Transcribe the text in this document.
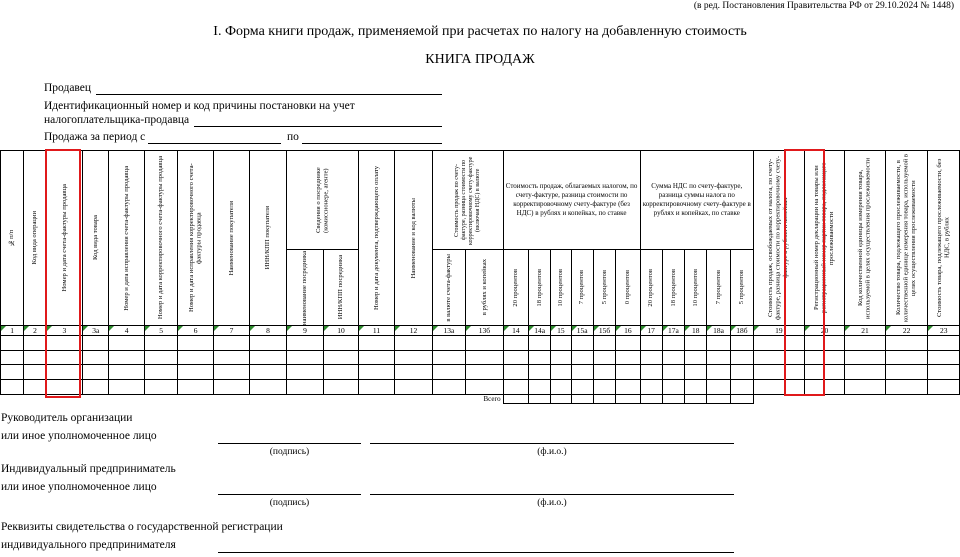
(в ред. Постановления Правительства РФ от 29.10.2024 № 1448)
I. Форма книги продаж, применяемой при расчетах по налогу на добавленную стоимость
КНИГА ПРОДАЖ
Продавец
Идентификационный номер и код причины постановки на учет
налогоплательщика-продавца
Продажа за период с	по
№п/п	Код вида операции	Номер и дата счета-фактуры продавца	Код вида товара	Номер и дата исправления счета-фактуры продавца	Номер и дата корректировочного счета-фактуры продавца	Номер и дата исправления корректировочного счета-фактуры продавца	Наименование покупателя	ИНН/КПП покупателя	Сведения о посреднике (комиссионере, агенте)		Номер и дата документа, подтверждающего оплату	Наименование и код валюты	Стоимость продаж по счету-фактуре, разница стоимости по корректировочному счету-фактуре (включая НДС) в валюте		Стоимость продаж, облагаемых налогом, по счету-фактуре, разница стоимости по корректировочному счету-фактуре (без НДС) в рублях и копейках, по ставке						Сумма НДС по счету-фактуре, разница суммы налога по корректировочному счету-фактуре в рублях и копейках, по ставке					Стоимость продаж, освобождаемых от налога, по счету-фактуре, разница стоимости по корректировочному счету-фактуре в рублях и копейках	Регистрационный номер декларации на товары или регистрационный номер партии товара, подлежащего прослеживаемости	Код количественной единицы измерения товара, используемой в целях осуществления прослеживаемости	Количество товара, подлежащего прослеживаемости, в количественной единице измерения товара, используемой в целях осуществления прослеживаемости	Стоимость товара, подлежащего прослеживаемости, без НДС, в рублях

									наименование посредника	ИНН/КПП посредника			в валюте счета-фактуры	в рублях и копейках	20 процентов	18 процентов	10 процентов	7 процентов	5 процентов	0 процентов	20 процентов	18 процентов	10 процентов	7 процентов	5 процентов					

1	2	3	3а	4	5	6	7	8	9	10	11	12	13а	13б	14	14а	15	15а	15б	16	17	17а	18	18а	18б	19	20	21	22	23

Всего																														
Руководитель организации
или иное уполномоченное лицо
(подпись)	(ф.и.о.)
Индивидуальный предприниматель
или иное уполномоченное лицо
(подпись)	(ф.и.о.)
Реквизиты свидетельства о государственной регистрации
индивидуального предпринимателя
